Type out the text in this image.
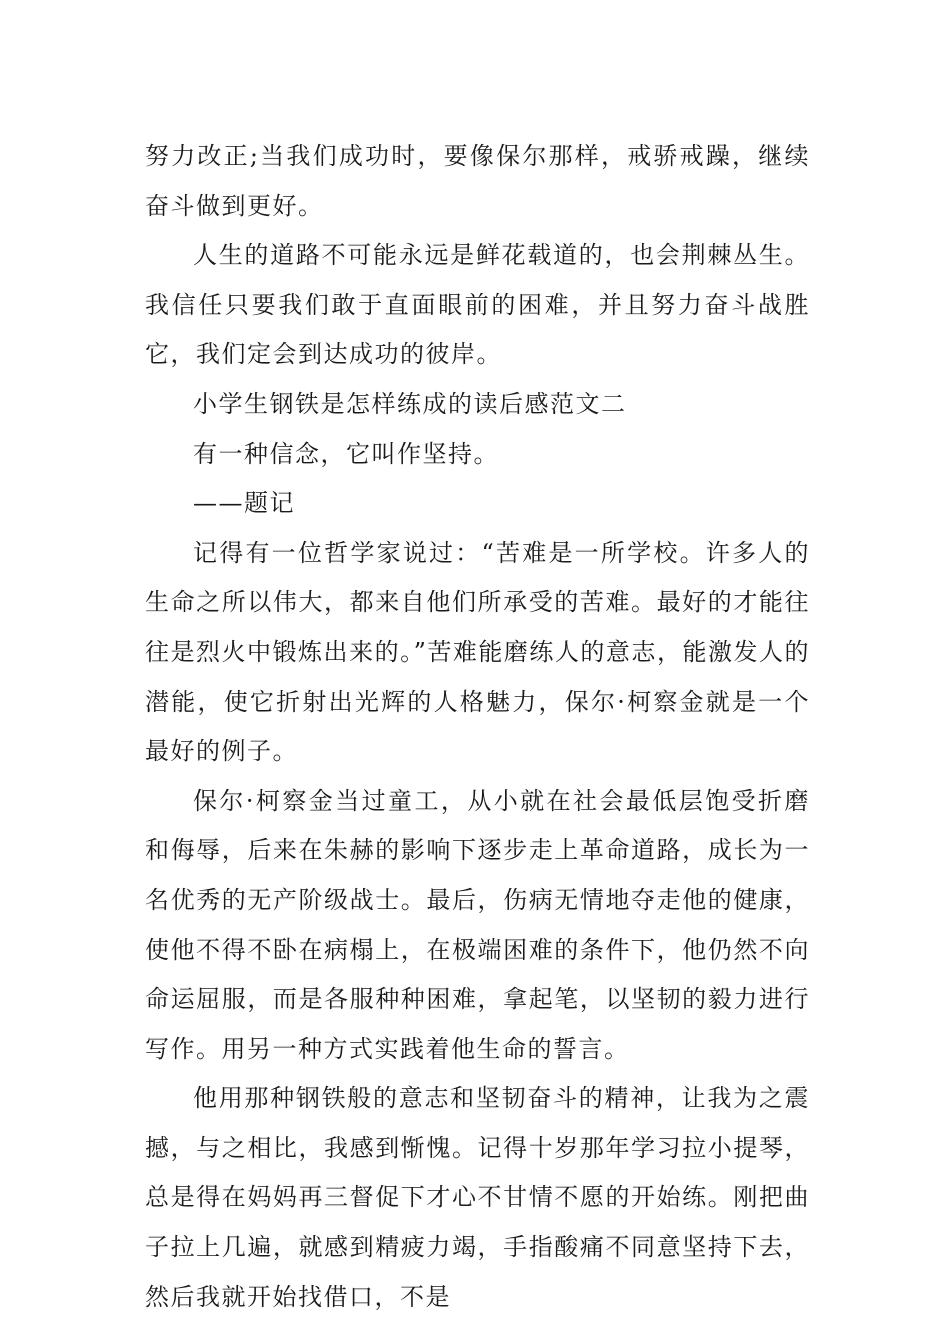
努力改正;当我们成功时，要像保尔那样，戒骄戒躁，继续奋斗做到更好。

人生的道路不可能永远是鲜花载道的，也会荆棘丛生。我信任只要我们敢于直面眼前的困难，并且努力奋斗战胜它，我们定会到达成功的彼岸。

小学生钢铁是怎样练成的读后感范文二

有一种信念，它叫作坚持。

——题记

记得有一位哲学家说过：“苦难是一所学校。许多人的生命之所以伟大，都来自他们所承受的苦难。最好的才能往往是烈火中锻炼出来的。”苦难能磨练人的意志，能激发人的潜能，使它折射出光辉的人格魅力，保尔·柯察金就是一个最好的例子。

保尔·柯察金当过童工，从小就在社会最低层饱受折磨和侮辱，后来在朱赫的影响下逐步走上革命道路，成长为一名优秀的无产阶级战士。最后，伤病无情地夺走他的健康，使他不得不卧在病榻上，在极端困难的条件下，他仍然不向命运屈服，而是各服种种困难，拿起笔，以坚韧的毅力进行写作。用另一种方式实践着他生命的誓言。

他用那种钢铁般的意志和坚韧奋斗的精神，让我为之震撼，与之相比，我感到惭愧。记得十岁那年学习拉小提琴，总是得在妈妈再三督促下才心不甘情不愿的开始练。刚把曲子拉上几遍，就感到精疲力竭，手指酸痛不同意坚持下去，然后我就开始找借口，不是
